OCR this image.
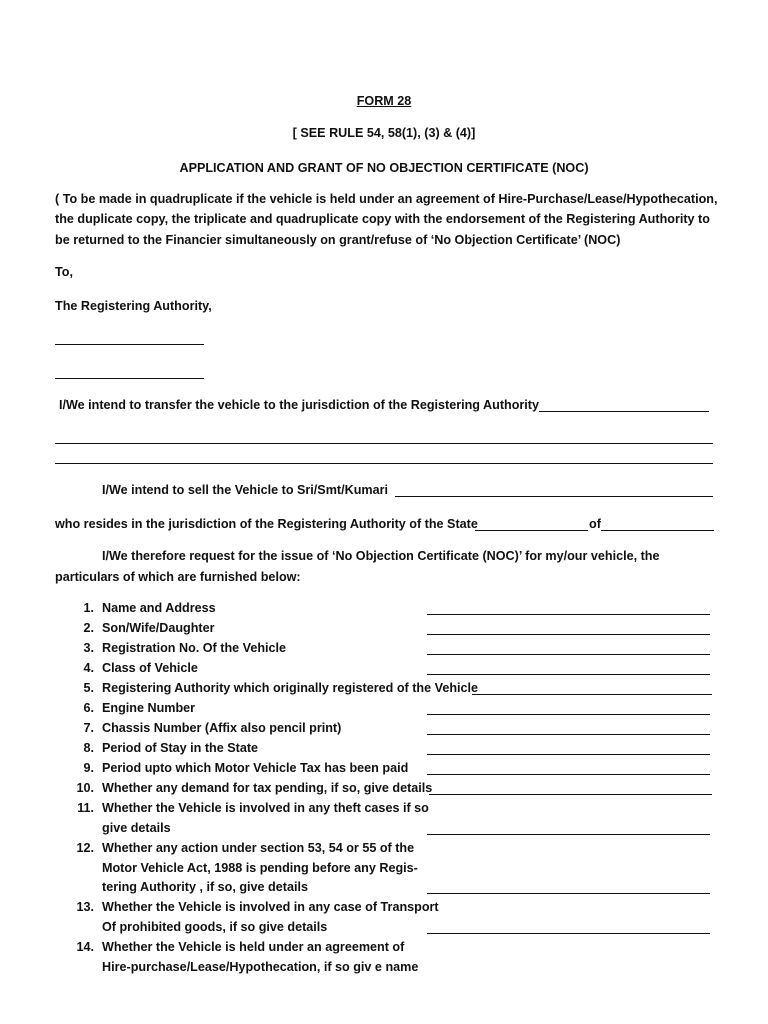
FORM 28
[ SEE RULE 54, 58(1), (3) & (4)]
APPLICATION AND GRANT OF NO OBJECTION CERTIFICATE (NOC)
( To be made in quadruplicate if the vehicle is held under an agreement of Hire-Purchase/Lease/Hypothecation,
the duplicate copy, the triplicate and quadruplicate copy with the endorsement of the Registering Authority to
be returned to the Financier simultaneously on grant/refuse of ‘No Objection Certificate’ (NOC)
To,
The Registering Authority,
I/We intend to transfer the vehicle to the jurisdiction of the Registering Authority
I/We intend to sell the Vehicle to Sri/Smt/Kumari
who resides in the jurisdiction of the Registering Authority of the State	of
I/We therefore request for the issue of ‘No Objection Certificate (NOC)’ for my/our vehicle, the
particulars of which are furnished below:
1. Name and Address
2. Son/Wife/Daughter
3. Registration No. Of the Vehicle
4. Class of Vehicle
5. Registering Authority which originally registered of the Vehicle
6. Engine Number
7. Chassis Number (Affix also pencil print)
8. Period of Stay in the State
9. Period upto which Motor Vehicle Tax has been paid
10. Whether any demand for tax pending, if so, give details
11. Whether the Vehicle is involved in any theft cases if so
give details
12. Whether any action under section 53, 54 or 55 of the
Motor Vehicle Act, 1988 is pending before any Regis-
tering Authority , if so, give details
13. Whether the Vehicle is involved in any case of Transport
Of prohibited goods, if so give details
14. Whether the Vehicle is held under an agreement of
Hire-purchase/Lease/Hypothecation, if so giv e name
